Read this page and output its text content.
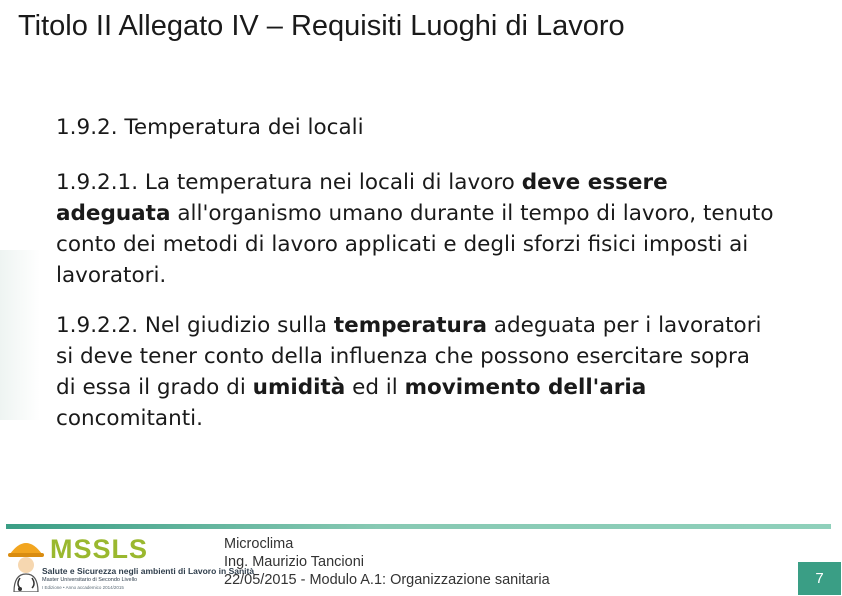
Titolo II Allegato IV – Requisiti Luoghi di Lavoro

1.9.2. Temperatura dei locali

1.9.2.1. La temperatura nei locali di lavoro deve essere adeguata all'organismo umano durante il tempo di lavoro, tenuto conto dei metodi di lavoro applicati e degli sforzi fisici imposti ai lavoratori.

1.9.2.2. Nel giudizio sulla temperatura adeguata per i lavoratori si deve tener conto della influenza che possono esercitare sopra di essa il grado di umidità ed il movimento dell'aria concomitanti.

MSSLS
Salute e Sicurezza negli ambienti di Lavoro in Sanità
Master Universitario di Secondo Livello
I Edizione • Anno accademico 2014/2015
Microclima
Ing. Maurizio Tancioni
22/05/2015 - Modulo A.1: Organizzazione sanitaria	7
